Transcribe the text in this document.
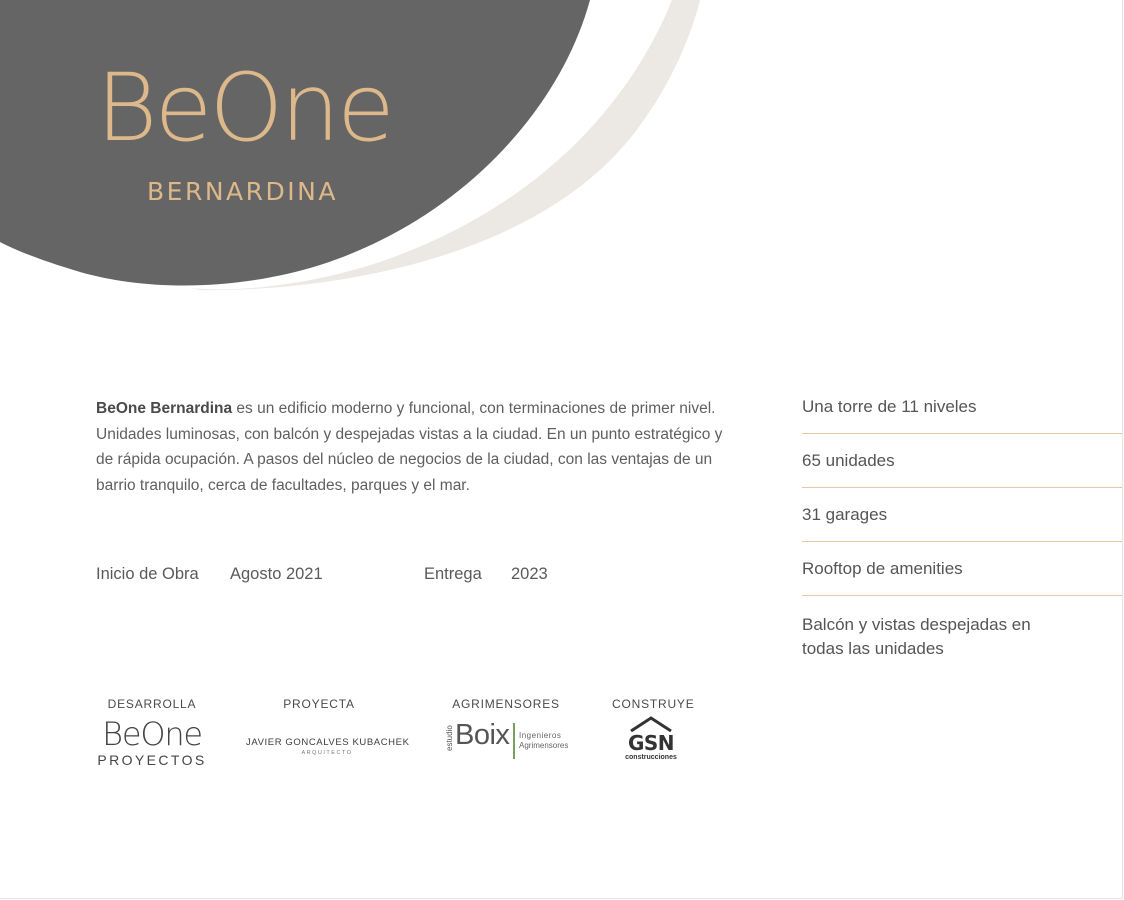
BeOne
BERNARDINA

BeOne Bernardina es un edificio moderno y funcional, con terminaciones de primer nivel. Unidades luminosas, con balcón y despejadas vistas a la ciudad. En un punto estratégico y de rápida ocupación. A pasos del núcleo de negocios de la ciudad, con las ventajas de un barrio tranquilo, cerca de facultades, parques y el mar.

Inicio de Obra Agosto 2021	Entrega 2023
Una torre de 11 niveles
65 unidades
31 garages
Rooftop de amenities
Balcón y vistas despejadas en todas las unidades
DESARROLLA
BeOne
PROYECTOS
PROYECTA
JAVIER GONCALVES KUBACHEK
ARQUITECTO
AGRIMENSORES
estudio Boix Ingenieros
Agrimensores
CONSTRUYE
GSN
construcciones
